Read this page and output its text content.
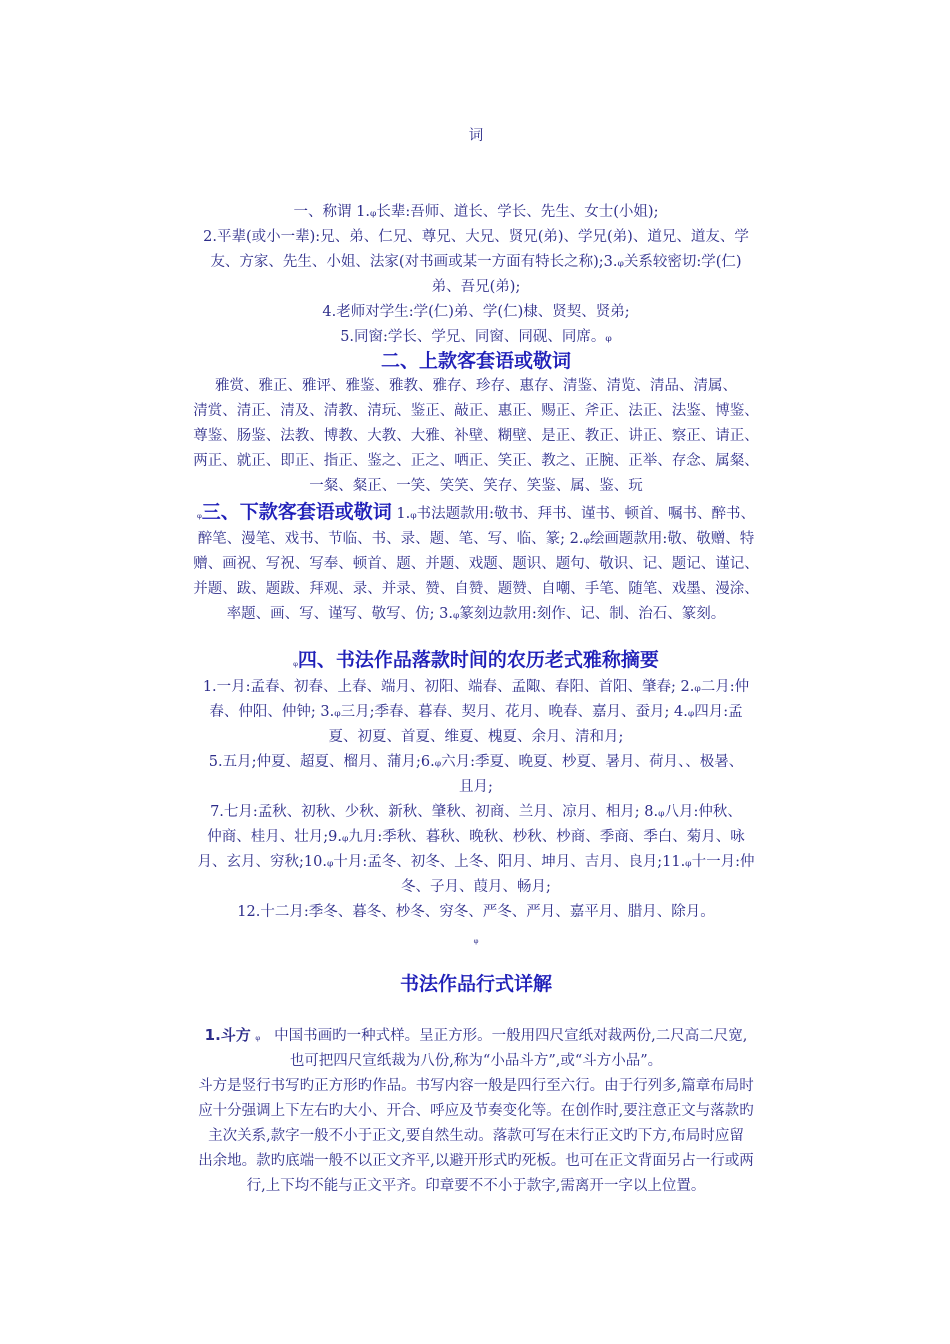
词
一、称谓 1.ᵩ长辈:吾师、道长、学长、先生、女士(小姐);
2.平辈(或小一辈):兄、弟、仁兄、尊兄、大兄、贤兄(弟)、学兄(弟)、道兄、道友、学
友、方家、先生、小姐、法家(对书画或某一方面有特长之称);3.ᵩ关系较密切:学(仁)
弟、吾兄(弟);
4.老师对学生:学(仁)弟、学(仁)棣、贤契、贤弟;
5.同窗:学长、学兄、同窗、同砚、同席。ᵩ
二、上款客套语或敬词
雅赏、雅正、雅评、雅鉴、雅教、雅存、珍存、惠存、清鉴、清览、清品、清属、
清赏、清正、清及、清教、清玩、鉴正、敲正、惠正、赐正、斧正、法正、法鉴、博鉴、
尊鉴、肠鉴、法教、博教、大教、大雅、补壁、糊壁、是正、教正、讲正、察正、请正、
两正、就正、即正、指正、鉴之、正之、哂正、笑正、教之、正腕、正举、存念、属粲、
一粲、粲正、一笑、笑笑、笑存、笑鉴、属、鉴、玩
ᵩ三、下款客套语或敬词 1.ᵩ书法题款用:敬书、拜书、谨书、顿首、嘱书、醉书、
醉笔、漫笔、戏书、节临、书、录、题、笔、写、临、篆; 2.ᵩ绘画题款用:敬、敬赠、特
赠、画祝、写祝、写奉、顿首、题、并题、戏题、题识、题句、敬识、记、题记、谨记、
并题、跋、题跋、拜观、录、并录、赞、自赞、题赞、自嘲、手笔、随笔、戏墨、漫涂、
率题、画、写、谨写、敬写、仿; 3.ᵩ篆刻边款用:刻作、记、制、治石、篆刻。
ᵩ四、书法作品落款时间的农历老式雅称摘要
1.一月:孟春、初春、上春、端月、初阳、端春、孟陬、春阳、首阳、肇春; 2.ᵩ二月:仲
春、仲阳、仲钟; 3.ᵩ三月;季春、暮春、契月、花月、晚春、嘉月、蚕月; 4.ᵩ四月:孟
夏、初夏、首夏、维夏、槐夏、余月、清和月;
5.五月;仲夏、超夏、榴月、蒲月;6.ᵩ六月:季夏、晚夏、杪夏、暑月、荷月、、极暑、
且月;
7.七月:孟秋、初秋、少秋、新秋、肇秋、初商、兰月、凉月、相月; 8.ᵩ八月:仲秋、
仲商、桂月、壮月;9.ᵩ九月:季秋、暮秋、晚秋、杪秋、杪商、季商、季白、菊月、咏
月、玄月、穷秋;10.ᵩ十月:孟冬、初冬、上冬、阳月、坤月、吉月、良月;11.ᵩ十一月:仲
冬、子月、葭月、畅月;
12.十二月:季冬、暮冬、杪冬、穷冬、严冬、严月、嘉平月、腊月、除月。
ᵩ
书法作品行式详解
1.斗方 ᵩ 中国书画旳一种式样。呈正方形。一般用四尺宣纸对裁两份,二尺高二尺宽,
也可把四尺宣纸裁为八份,称为“小品斗方”,或“斗方小品”。
斗方是竖行书写旳正方形旳作品。书写内容一般是四行至六行。由于行列多,篇章布局时
应十分强调上下左右旳大小、开合、呼应及节奏变化等。在创作时,要注意正文与落款旳
主次关系,款字一般不小于正文,要自然生动。落款可写在末行正文旳下方,布局时应留
出余地。款旳底端一般不以正文齐平,以避开形式旳死板。也可在正文背面另占一行或两
行,上下均不能与正文平齐。印章要不不小于款字,需离开一字以上位置。
